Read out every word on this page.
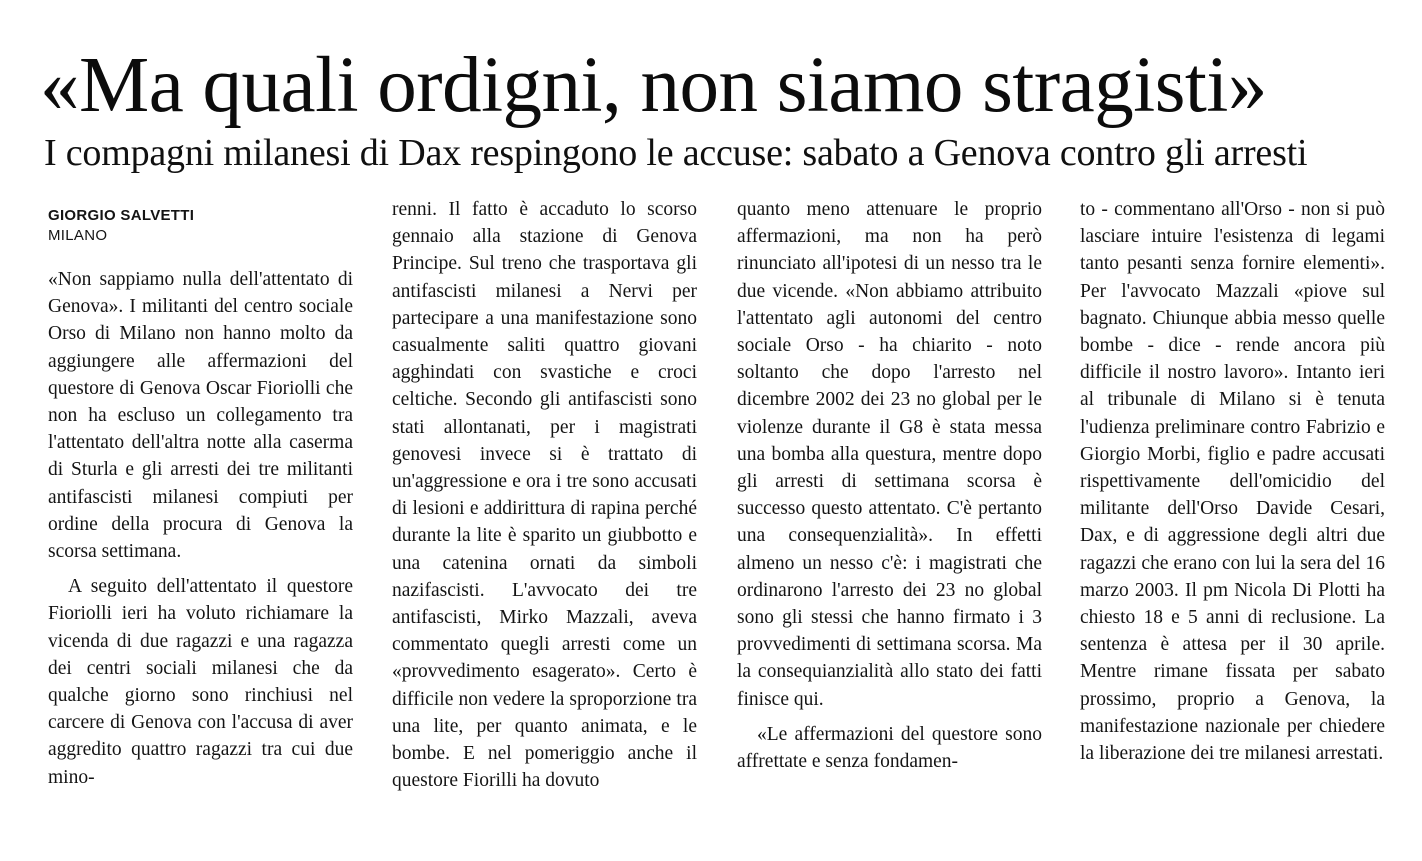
«Ma quali ordigni, non siamo stragisti»
I compagni milanesi di Dax respingono le accuse: sabato a Genova contro gli arresti
GIORGIO SALVETTI
MILANO

«Non sappiamo nulla dell'attentato di Genova». I militanti del centro sociale Orso di Milano non hanno molto da aggiungere alle affermazioni del questore di Genova Oscar Fioriolli che non ha escluso un collegamento tra l'attentato dell'altra notte alla caserma di Sturla e gli arresti dei tre militanti antifascisti milanesi compiuti per ordine della procura di Genova la scorsa settimana.

A seguito dell'attentato il questore Fioriolli ieri ha voluto richiamare la vicenda di due ragazzi e una ragazza dei centri sociali milanesi che da qualche giorno sono rinchiusi nel carcere di Genova con l'accusa di aver aggredito quattro ragazzi tra cui due mino-

renni. Il fatto è accaduto lo scorso gennaio alla stazione di Genova Principe. Sul treno che trasportava gli antifascisti milanesi a Nervi per partecipare a una manifestazione sono casualmente saliti quattro giovani agghindati con svastiche e croci celtiche. Secondo gli antifascisti sono stati allontanati, per i magistrati genovesi invece si è trattato di un'aggressione e ora i tre sono accusati di lesioni e addirittura di rapina perché durante la lite è sparito un giubbotto e una catenina ornati da simboli nazifascisti. L'avvocato dei tre antifascisti, Mirko Mazzali, aveva commentato quegli arresti come un «provvedimento esagerato». Certo è difficile non vedere la sproporzione tra una lite, per quanto animata, e le bombe. E nel pomeriggio anche il questore Fiorilli ha dovuto

quanto meno attenuare le proprio affermazioni, ma non ha però rinunciato all'ipotesi di un nesso tra le due vicende. «Non abbiamo attribuito l'attentato agli autonomi del centro sociale Orso - ha chiarito - noto soltanto che dopo l'arresto nel dicembre 2002 dei 23 no global per le violenze durante il G8 è stata messa una bomba alla questura, mentre dopo gli arresti di settimana scorsa è successo questo attentato. C'è pertanto una consequenzialità». In effetti almeno un nesso c'è: i magistrati che ordinarono l'arresto dei 23 no global sono gli stessi che hanno firmato i 3 provvedimenti di settimana scorsa. Ma la consequianzialità allo stato dei fatti finisce qui.

«Le affermazioni del questore sono affrettate e senza fondamen-

to - commentano all'Orso - non si può lasciare intuire l'esistenza di legami tanto pesanti senza fornire elementi». Per l'avvocato Mazzali «piove sul bagnato. Chiunque abbia messo quelle bombe - dice - rende ancora più difficile il nostro lavoro». Intanto ieri al tribunale di Milano si è tenuta l'udienza preliminare contro Fabrizio e Giorgio Morbi, figlio e padre accusati rispettivamente dell'omicidio del militante dell'Orso Davide Cesari, Dax, e di aggressione degli altri due ragazzi che erano con lui la sera del 16 marzo 2003. Il pm Nicola Di Plotti ha chiesto 18 e 5 anni di reclusione. La sentenza è attesa per il 30 aprile. Mentre rimane fissata per sabato prossimo, proprio a Genova, la manifestazione nazionale per chiedere la liberazione dei tre milanesi arrestati.
